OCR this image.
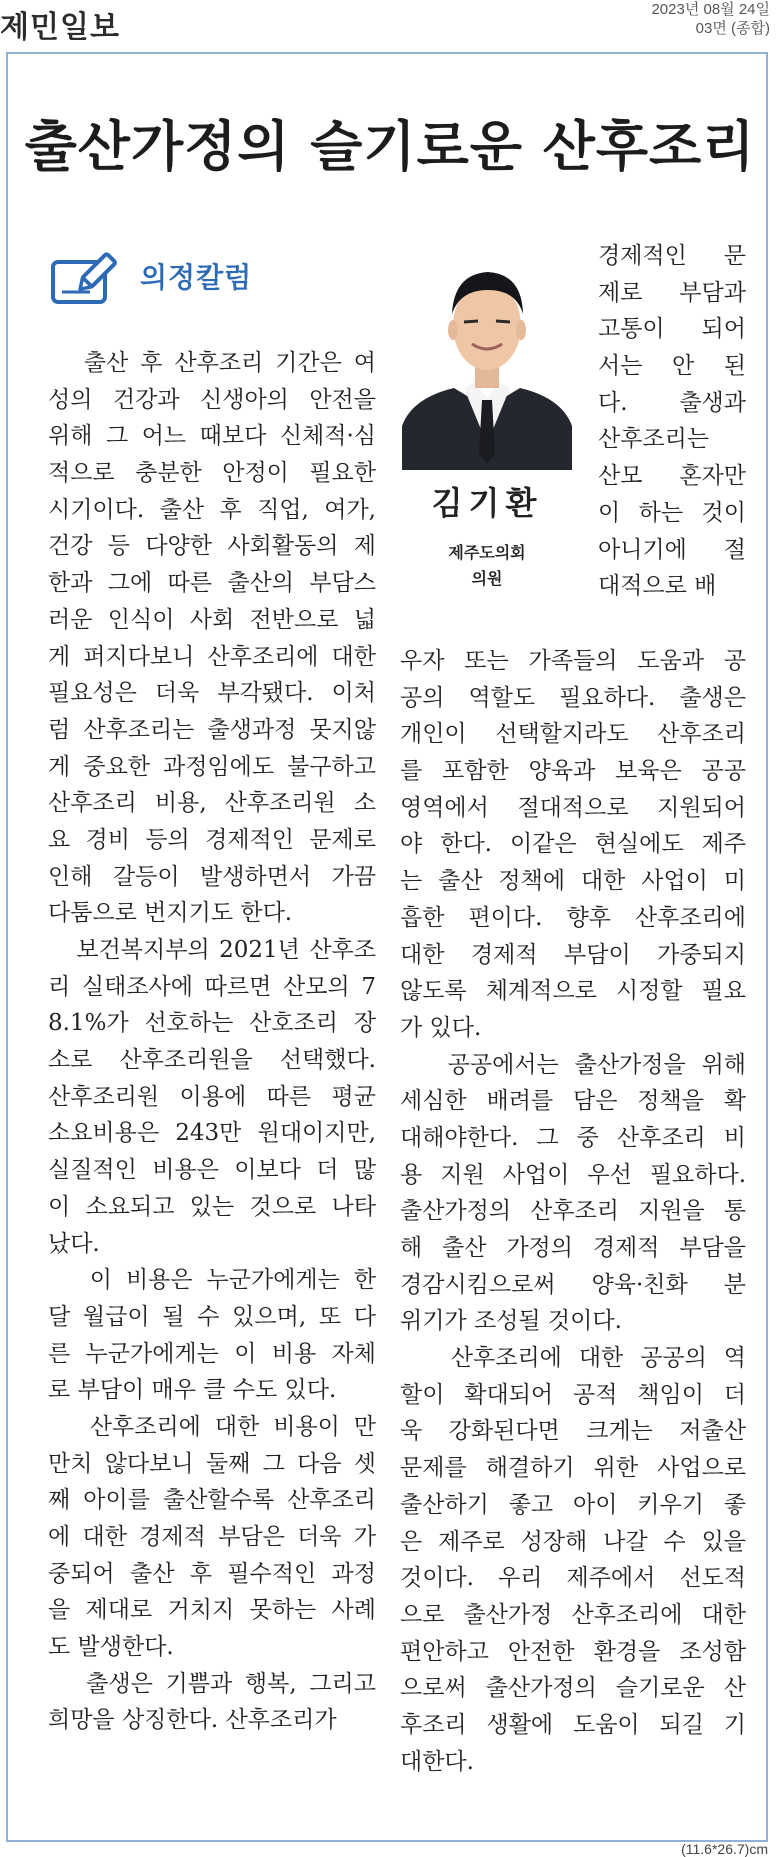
제민일보
2023년 08월 24일
03면 (종합)
출산가정의 슬기로운 산후조리
의정칼럼
김기환
제주도의회
의원
출산 후 산후조리 기간은 여
성의 건강과 신생아의 안전을
위해 그 어느 때보다 신체적·심
적으로 충분한 안정이 필요한
시기이다. 출산 후 직업, 여가,
건강 등 다양한 사회활동의 제
한과 그에 따른 출산의 부담스
러운 인식이 사회 전반으로 넓
게 퍼지다보니 산후조리에 대한
필요성은 더욱 부각됐다. 이처
럼 산후조리는 출생과정 못지않
게 중요한 과정임에도 불구하고
산후조리 비용, 산후조리원 소
요 경비 등의 경제적인 문제로
인해 갈등이 발생하면서 가끔
다툼으로 번지기도 한다.
보건복지부의 2021년 산후조
리 실태조사에 따르면 산모의 7
8.1%가 선호하는 산호조리 장
소로 산후조리원을 선택했다.
산후조리원 이용에 따른 평균
소요비용은 243만 원대이지만,
실질적인 비용은 이보다 더 많
이 소요되고 있는 것으로 나타
났다.
이 비용은 누군가에게는 한
달 월급이 될 수 있으며, 또 다
른 누군가에게는 이 비용 자체
로 부담이 매우 클 수도 있다.
산후조리에 대한 비용이 만
만치 않다보니 둘째 그 다음 셋
째 아이를 출산할수록 산후조리
에 대한 경제적 부담은 더욱 가
중되어 출산 후 필수적인 과정
을 제대로 거치지 못하는 사례
도 발생한다.
출생은 기쁨과 행복, 그리고
희망을 상징한다. 산후조리가
경제적인 문
제로 부담과
고통이 되어
서는 안 된
다. 출생과
산후조리는
산모 혼자만
이 하는 것이
아니기에 절
대적으로 배
우자 또는 가족들의 도움과 공
공의 역할도 필요하다. 출생은
개인이 선택할지라도 산후조리
를 포함한 양육과 보육은 공공
영역에서 절대적으로 지원되어
야 한다. 이같은 현실에도 제주
는 출산 정책에 대한 사업이 미
흡한 편이다. 향후 산후조리에
대한 경제적 부담이 가중되지
않도록 체계적으로 시정할 필요
가 있다.
공공에서는 출산가정을 위해
세심한 배려를 담은 정책을 확
대해야한다. 그 중 산후조리 비
용 지원 사업이 우선 필요하다.
출산가정의 산후조리 지원을 통
해 출산 가정의 경제적 부담을
경감시킴으로써 양육·친화 분
위기가 조성될 것이다.
산후조리에 대한 공공의 역
할이 확대되어 공적 책임이 더
욱 강화된다면 크게는 저출산
문제를 해결하기 위한 사업으로
출산하기 좋고 아이 키우기 좋
은 제주로 성장해 나갈 수 있을
것이다. 우리 제주에서 선도적
으로 출산가정 산후조리에 대한
편안하고 안전한 환경을 조성함
으로써 출산가정의 슬기로운 산
후조리 생활에 도움이 되길 기
대한다.
(11.6*26.7)cm
